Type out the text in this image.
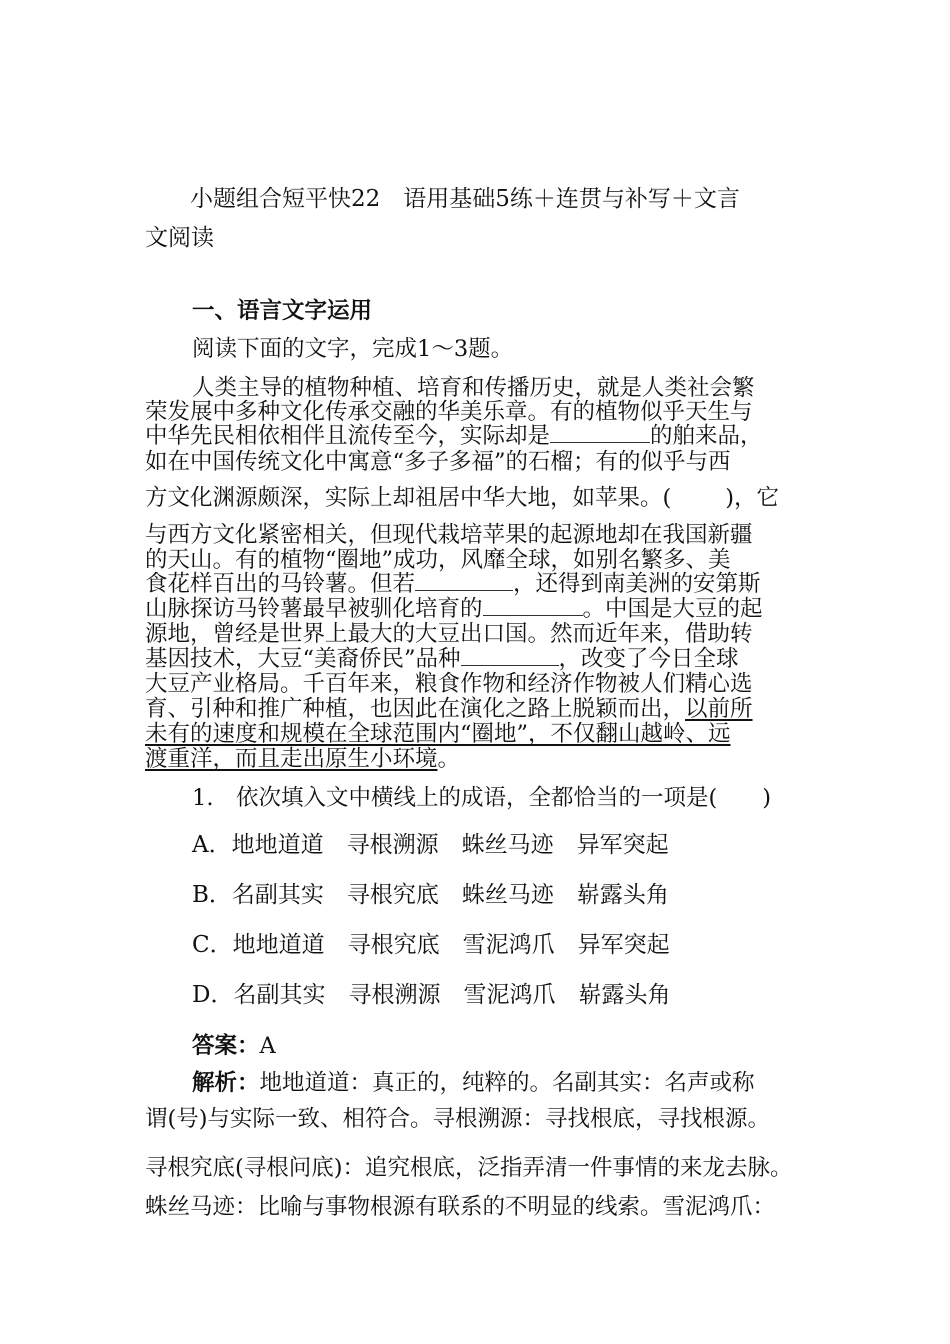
小题组合短平快22　语用基础5练＋连贯与补写＋文言
文阅读
一、语言文字运用
阅读下面的文字，完成1～3题。
人类主导的植物种植、培育和传播历史，就是人类社会繁
荣发展中多种文化传承交融的华美乐章。有的植物似乎天生与
中华先民相依相伴且流传至今，实际却是	的舶来品，
如在中国传统文化中寓意“多子多福”的石榴；有的似乎与西
方文化渊源颇深，实际上却祖居中华大地，如苹果。( )，它
与西方文化紧密相关，但现代栽培苹果的起源地却在我国新疆
的天山。有的植物“圈地”成功，风靡全球，如别名繁多、美
食花样百出的马铃薯。但若	，还得到南美洲的安第斯
山脉探访马铃薯最早被驯化培育的	。中国是大豆的起
源地，曾经是世界上最大的大豆出口国。然而近年来，借助转
基因技术，大豆“美裔侨民”品种	，改变了今日全球
大豆产业格局。千百年来，粮食作物和经济作物被人们精心选
育、引种和推广种植，也因此在演化之路上脱颖而出，以前所
未有的速度和规模在全球范围内“圈地”，不仅翻山越岭、远
渡重洋，而且走出原生小环境。
1.　依次填入文中横线上的成语，全都恰当的一项是(　　)
A．地地道道　寻根溯源　蛛丝马迹　异军突起
B．名副其实　寻根究底　蛛丝马迹　崭露头角
C．地地道道　寻根究底　雪泥鸿爪　异军突起
D．名副其实　寻根溯源　雪泥鸿爪　崭露头角
答案：A
解析：地地道道：真正的，纯粹的。名副其实：名声或称
谓(号)与实际一致、相符合。寻根溯源：寻找根底，寻找根源。
寻根究底(寻根问底)：追究根底，泛指弄清一件事情的来龙去脉。
蛛丝马迹：比喻与事物根源有联系的不明显的线索。雪泥鸿爪：
